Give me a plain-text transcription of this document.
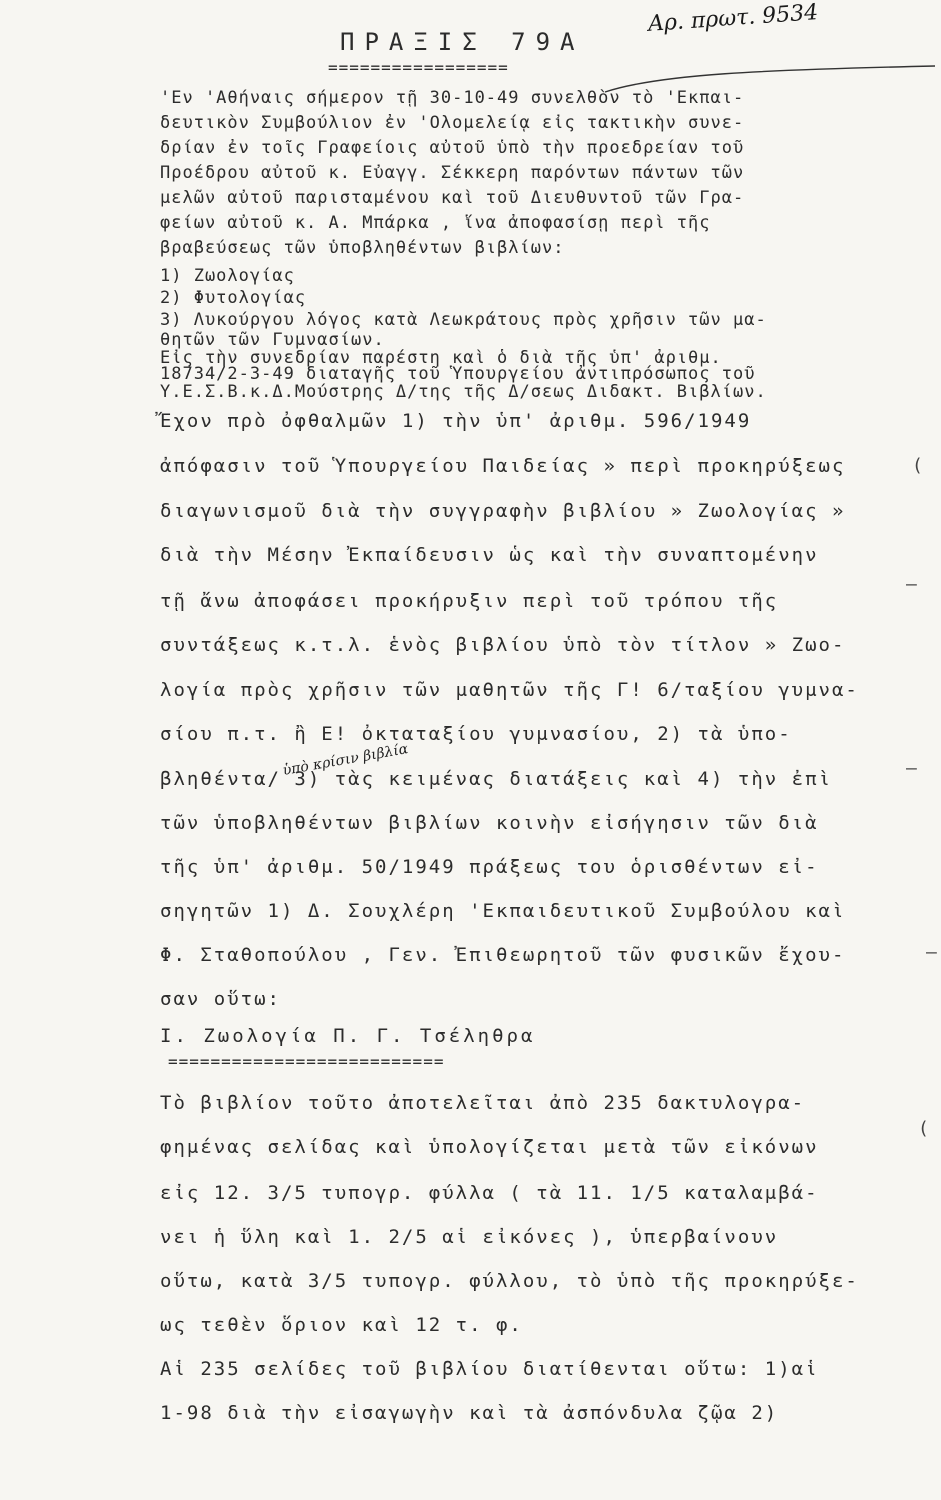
ΠΡΑΞΙΣ 79Α
=================
Αρ. πρωτ. 9534

'Εν 'Αθήναις σήμερον τῇ 30-10-49 συνελθὸν τὸ 'Εκπαι-

δευτικὸν Συμβούλιον ἐν 'Ολομελείᾳ εἰς τακτικὴν συνε-

δρίαν ἐν τοῖς Γραφείοις αὐτοῦ ὑπὸ τὴν προεδρείαν τοῦ

Προέδρου αὐτοῦ κ. Εὐαγγ. Σέκκερη παρόντων πάντων τῶν

μελῶν αὐτοῦ παρισταμένου καὶ τοῦ Διευθυντοῦ τῶν Γρα-

φείων αὐτοῦ κ. Α. Μπάρκα , ἵνα ἀποφασίσῃ περὶ τῆς

βραβεύσεως τῶν ὑποβληθέντων βιβλίων:

1) Ζωολογίας

2) Φυτολογίας

3) Λυκούργου λόγος κατὰ Λεωκράτους πρὸς χρῆσιν τῶν μα-

θητῶν τῶν Γυμνασίων.

Εἰς τὴν συνεδρίαν παρέστη καὶ ὁ διὰ τῆς ὑπ' ἀριθμ.

18734/2-3-49 διαταγῆς τοῦ Ὑπουργείου ἀντιπρόσωπος τοῦ

Υ.Ε.Σ.Β.κ.Δ.Μούστρης Δ/της τῆς Δ/σεως Διδακτ. Βιβλίων.

Ἔχον πρὸ ὀφθαλμῶν 1) τὴν ὑπ' ἀριθμ. 596/1949

ἀπόφασιν τοῦ Ὑπουργείου Παιδείας » περὶ προκηρύξεως

διαγωνισμοῦ διὰ τὴν συγγραφὴν βιβλίου » Ζωολογίας »

διὰ τὴν Μέσην Ἐκπαίδευσιν ὡς καὶ τὴν συναπτομένην

τῇ ἄνω ἀποφάσει προκήρυξιν περὶ τοῦ τρόπου τῆς

συντάξεως κ.τ.λ. ἑνὸς βιβλίου ὑπὸ τὸν τίτλον » Ζωο-

λογία πρὸς χρῆσιν τῶν μαθητῶν τῆς Γ! 6/ταξίου γυμνα-

σίου π.τ. ἢ Ε! ὀκταταξίου γυμνασίου, 2) τὰ ὑπο-

ὑπὸ κρίσιν βιβλία

βληθέντα/ 3) τὰς κειμένας διατάξεις καὶ 4) τὴν ἐπὶ

τῶν ὑποβληθέντων βιβλίων κοινὴν εἰσήγησιν τῶν διὰ

τῆς ὑπ' ἀριθμ. 50/1949 πράξεως του ὁρισθέντων εἰ-

σηγητῶν 1) Δ. Σουχλέρη 'Εκπαιδευτικοῦ Συμβούλου καὶ

Φ. Σταθοπούλου , Γεν. Ἐπιθεωρητοῦ τῶν φυσικῶν ἔχου-

σαν οὕτω:

Ι. Ζωολογία Π. Γ. Τσέληθρα

==========================

Τὸ βιβλίον τοῦτο ἀποτελεῖται ἀπὸ 235 δακτυλογρα-

φημένας σελίδας καὶ ὑπολογίζεται μετὰ τῶν εἰκόνων

εἰς 12. 3/5 τυπογρ. φύλλα ( τὰ 11. 1/5 καταλαμβά-

νει ἡ ὕλη καὶ 1. 2/5 αἱ εἰκόνες ), ὑπερβαίνουν

οὕτω, κατὰ 3/5 τυπογρ. φύλλου, τὸ ὑπὸ τῆς προκηρύξε-

ως τεθὲν ὅριον καὶ 12 τ. φ.

Αἱ 235 σελίδες τοῦ βιβλίου διατίθενται οὕτω: 1)αἱ

1-98 διὰ τὴν εἰσαγωγὴν καὶ τὰ ἀσπόνδυλα ζῷα 2)

–
–
–
(
(
